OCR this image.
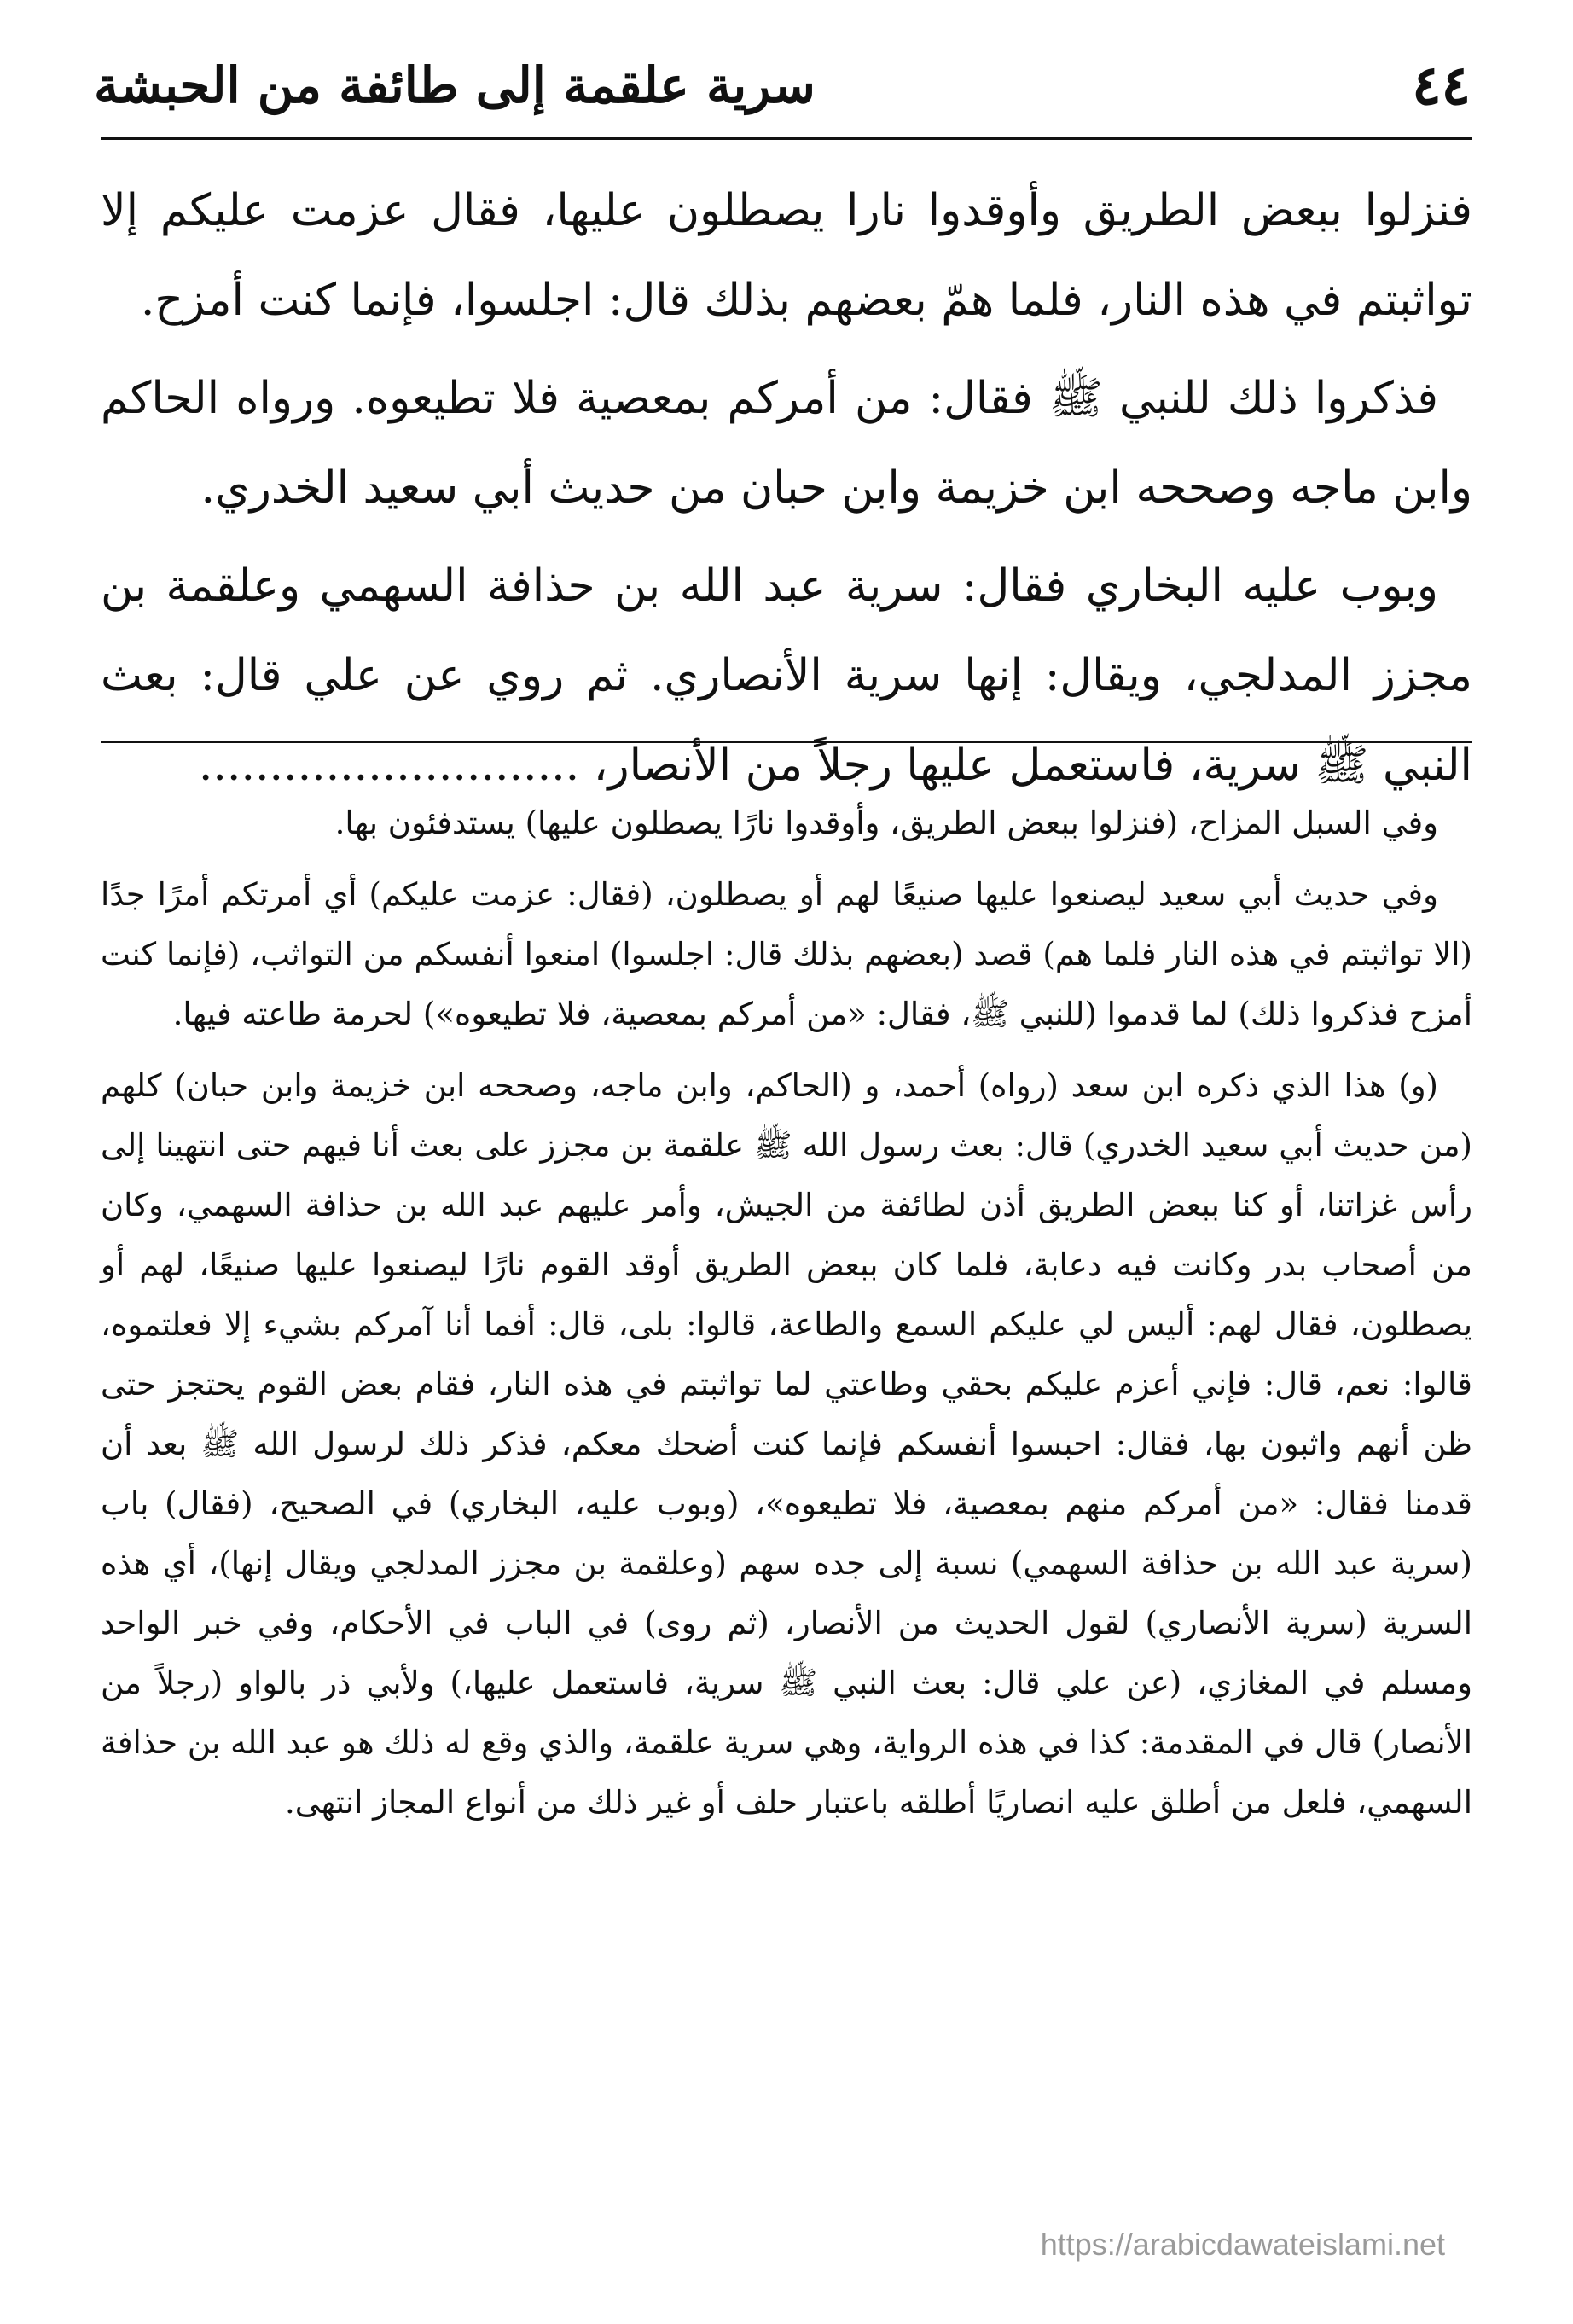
٤٤
سرية علقمة إلى طائفة من الحبشة

فنزلوا ببعض الطريق وأوقدوا نارا يصطلون عليها، فقال عزمت عليكم إلا تواثبتم في هذه النار، فلما همّ بعضهم بذلك قال: اجلسوا، فإنما كنت أمزح.

فذكروا ذلك للنبي ﷺ فقال: من أمركم بمعصية فلا تطيعوه. ورواه الحاكم وابن ماجه وصححه ابن خزيمة وابن حبان من حديث أبي سعيد الخدري.

وبوب عليه البخاري فقال: سرية عبد الله بن حذافة السهمي وعلقمة بن مجزز المدلجي، ويقال: إنها سرية الأنصاري. ثم روي عن علي قال: بعث النبي ﷺ سرية، فاستعمل عليها رجلاً من الأنصار، ...........................

وفي السبل المزاح، (فنزلوا ببعض الطريق، وأوقدوا نارًا يصطلون عليها) يستدفئون بها.

وفي حديث أبي سعيد ليصنعوا عليها صنيعًا لهم أو يصطلون، (فقال: عزمت عليكم) أي أمرتكم أمرًا جدًا (الا تواثبتم في هذه النار فلما هم) قصد (بعضهم بذلك قال: اجلسوا) امنعوا أنفسكم من التواثب، (فإنما كنت أمزح فذكروا ذلك) لما قدموا (للنبي ﷺ، فقال: «من أمركم بمعصية، فلا تطيعوه») لحرمة طاعته فيها.

(و) هذا الذي ذكره ابن سعد (رواه) أحمد، و (الحاكم، وابن ماجه، وصححه ابن خزيمة وابن حبان) كلهم (من حديث أبي سعيد الخدري) قال: بعث رسول الله ﷺ علقمة بن مجزز على بعث أنا فيهم حتى انتهينا إلى رأس غزاتنا، أو كنا ببعض الطريق أذن لطائفة من الجيش، وأمر عليهم عبد الله بن حذافة السهمي، وكان من أصحاب بدر وكانت فيه دعابة، فلما كان ببعض الطريق أوقد القوم نارًا ليصنعوا عليها صنيعًا، لهم أو يصطلون، فقال لهم: أليس لي عليكم السمع والطاعة، قالوا: بلى، قال: أفما أنا آمركم بشيء إلا فعلتموه، قالوا: نعم، قال: فإني أعزم عليكم بحقي وطاعتي لما تواثبتم في هذه النار، فقام بعض القوم يحتجز حتى ظن أنهم واثبون بها، فقال: احبسوا أنفسكم فإنما كنت أضحك معكم، فذكر ذلك لرسول الله ﷺ بعد أن قدمنا فقال: «من أمركم منهم بمعصية، فلا تطيعوه»، (وبوب عليه، البخاري) في الصحيح، (فقال) باب (سرية عبد الله بن حذافة السهمي) نسبة إلى جده سهم (وعلقمة بن مجزز المدلجي ويقال إنها)، أي هذه السرية (سرية الأنصاري) لقول الحديث من الأنصار، (ثم روى) في الباب في الأحكام، وفي خبر الواحد ومسلم في المغازي، (عن علي قال: بعث النبي ﷺ سرية، فاستعمل عليها،) ولأبي ذر بالواو (رجلاً من الأنصار) قال في المقدمة: كذا في هذه الرواية، وهي سرية علقمة، والذي وقع له ذلك هو عبد الله بن حذافة السهمي، فلعل من أطلق عليه انصاريًا أطلقه باعتبار حلف أو غير ذلك من أنواع المجاز انتهى.

https://arabicdawateislami.net
